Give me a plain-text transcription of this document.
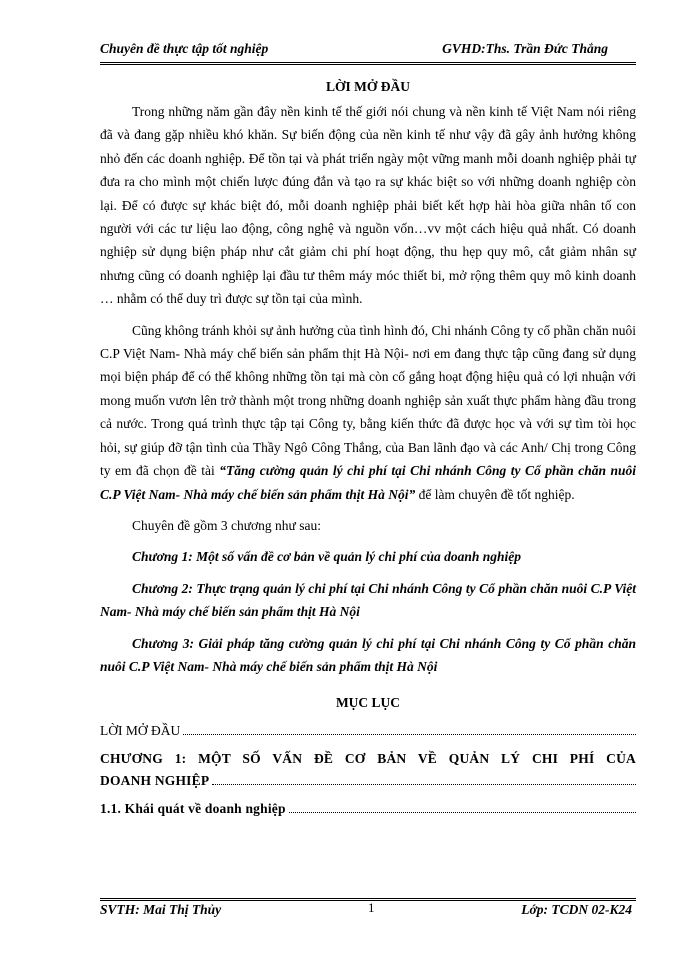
Chuyên đề thực tập tốt nghiệp	GVHD:Ths. Trần Đức Thắng
LỜI MỞ ĐẦU

Trong những năm gần đây nền kinh tế thế giới nói chung và nền kinh tế Việt Nam nói riêng đã và đang gặp nhiều khó khăn. Sự biến động của nền kinh tế như vậy đã gây ảnh hưởng không nhỏ đến các doanh nghiệp. Để tồn tại và phát triển ngày một vững manh mỗi doanh nghiệp phải tự đưa ra cho mình một chiến lược đúng đắn và tạo ra sự khác biệt so với những doanh nghiệp còn lại. Để có được sự khác biệt đó, mỗi doanh nghiệp phải biết kết hợp hài hòa giữa nhân tố con người với các tư liệu lao động, công nghệ và nguồn vốn…vv một cách hiệu quả nhất. Có doanh nghiệp sử dụng biện pháp như cắt giảm chi phí hoạt động, thu hẹp quy mô, cắt giảm nhân sự nhưng cũng có doanh nghiệp lại đầu tư thêm máy móc thiết bi, mở rộng thêm quy mô kinh doanh … nhằm có thể duy trì được sự tồn tại của mình.

Cũng không tránh khỏi sự ảnh hưởng của tình hình đó, Chi nhánh Công ty cổ phần chăn nuôi C.P Việt Nam- Nhà máy chế biến sản phẩm thịt Hà Nội- nơi em đang thực tập cũng đang sử dụng mọi biện pháp để có thể không những tồn tại mà còn cố gắng hoạt động hiệu quả có lợi nhuận với mong muốn vươn lên trở thành một trong những doanh nghiệp sản xuất thực phẩm hàng đầu trong cả nước. Trong quá trình thực tập tại Công ty, bằng kiến thức đã được học và với sự tìm tòi học hỏi, sự giúp đỡ tận tình của Thầy Ngô Công Thắng, của Ban lãnh đạo và các Anh/ Chị trong Công ty em đã chọn đề tài “Tăng cường quản lý chi phí tại Chi nhánh Công ty Cổ phần chăn nuôi C.P Việt Nam- Nhà máy chế biến sản phẩm thịt Hà Nội” để làm chuyên đề tốt nghiệp.

Chuyên đề gồm 3 chương như sau:

Chương 1: Một số vấn đề cơ bản về quản lý chi phí của doanh nghiệp

Chương 2: Thực trạng quản lý chi phí tại Chi nhánh Công ty Cổ phần chăn nuôi C.P Việt Nam- Nhà máy chế biến sản phẩm thịt Hà Nội

Chương 3: Giải pháp tăng cường quản lý chi phí tại Chi nhánh Công ty Cổ phần chăn nuôi C.P Việt Nam- Nhà máy chế biến sản phẩm thịt Hà Nội

MỤC LỤC
LỜI MỞ ĐẦU
CHƯƠNG 1: MỘT SỐ VẤN ĐỀ CƠ BẢN VỀ QUẢN LÝ CHI PHÍ CỦA
DOANH NGHIỆP
1.1. Khái quát về doanh nghiệp
SVTH: Mai Thị Thủy	1	Lớp: TCDN 02-K24
